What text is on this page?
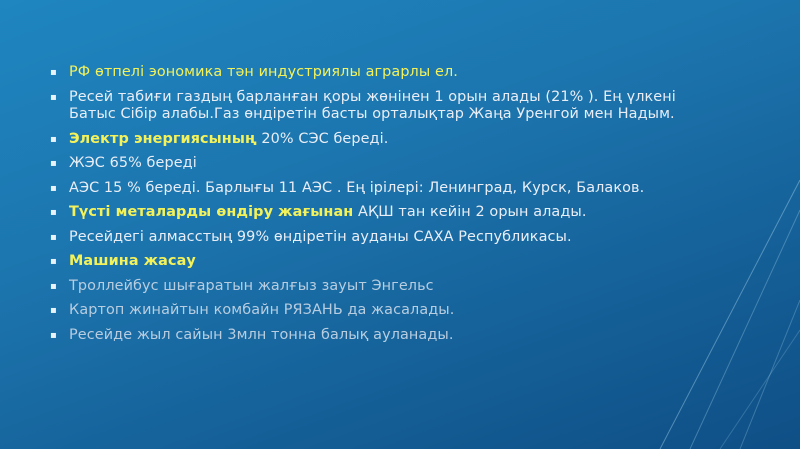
▪ РФ өтпелі эономика тән индустриялы аграрлы ел.
▪ Ресей табиғи газдың барланған қоры жөнінен 1 орын алады (21% ). Ең үлкені Батыс Сібір алабы.Газ өндіретін басты орталықтар Жаңа Уренгой мен Надым.
▪ Электр энергиясының 20% СЭС береді.
▪ ЖЭС 65% береді
▪ АЭС 15 % береді. Барлығы 11 АЭС . Ең ірілері: Ленинград, Курск, Балаков.
▪ Түсті металарды өндіру жағынан АҚШ тан кейін 2 орын алады.
▪ Ресейдегі алмасстың 99% өндіретін ауданы САХА Республикасы.
▪ Машина жасау
▪ Троллейбус шығаратын жалғыз зауыт Энгельс
▪ Картоп жинайтын комбайн РЯЗАНЬ да жасалады.
▪ Ресейде жыл сайын 3млн тонна балық ауланады.
